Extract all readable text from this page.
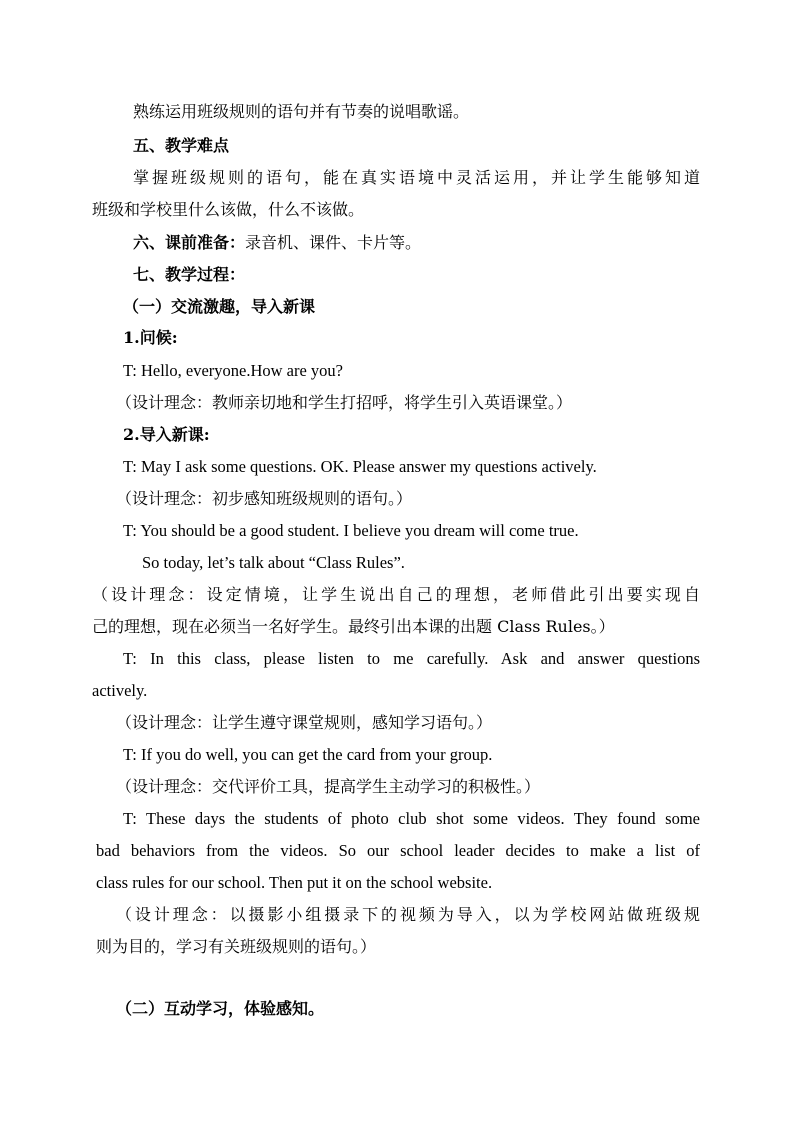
熟练运用班级规则的语句并有节奏的说唱歌谣。
五、教学难点
掌握班级规则的语句，能在真实语境中灵活运用，并让学生能够知道
班级和学校里什么该做，什么不该做。
六、课前准备：录音机、课件、卡片等。
七、教学过程：
（一）交流激趣，导入新课
1.问候:
T: Hello, everyone.How are you?
（设计理念：教师亲切地和学生打招呼，将学生引入英语课堂。）
2.导入新课:
T: May I ask some questions. OK. Please answer my questions actively.
（设计理念：初步感知班级规则的语句。）
T: You should be a good student. I believe you dream will come true.
So today, let’s talk about “Class Rules”.
（设计理念：设定情境，让学生说出自己的理想，老师借此引出要实现自
己的理想，现在必须当一名好学生。最终引出本课的出题 Class Rules。）
T: In this class, please listen to me carefully. Ask and answer questions
actively.
（设计理念：让学生遵守课堂规则，感知学习语句。）
T: If you do well, you can get the card from your group.
（设计理念：交代评价工具，提高学生主动学习的积极性。）
T: These days the students of photo club shot some videos. They found some
bad behaviors from the videos. So our school leader decides to make a list of
class rules for our school. Then put it on the school website.
（设计理念：以摄影小组摄录下的视频为导入，以为学校网站做班级规
则为目的，学习有关班级规则的语句。）
（二）互动学习，体验感知。
